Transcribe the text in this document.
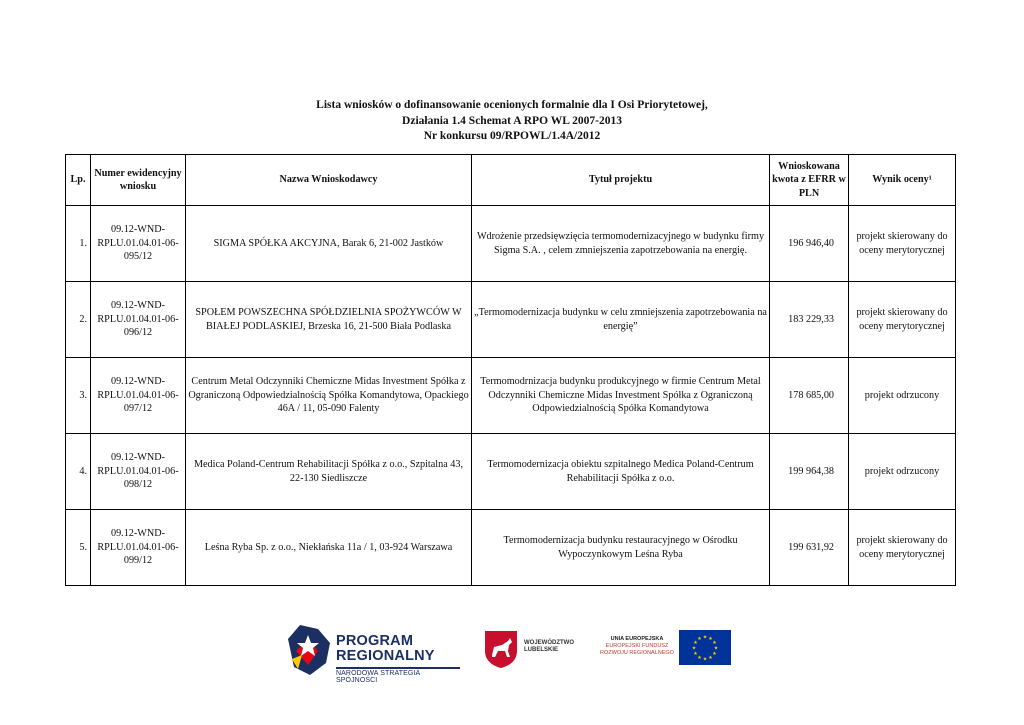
Lista wniosków o dofinansowanie ocenionych formalnie dla I Osi Priorytetowej,
Działania 1.4 Schemat A RPO WL 2007-2013
Nr konkursu 09/RPOWL/1.4A/2012
Lp.	Numer ewidencyjny wniosku	Nazwa Wnioskodawcy	Tytuł projektu	Wnioskowana kwota z EFRR w PLN	Wynik oceny¹
1.	09.12-WND-RPLU.01.04.01-06-095/12	SIGMA SPÓŁKA AKCYJNA, Barak 6, 21-002 Jastków	Wdrożenie przedsięwzięcia termomodernizacyjnego w budynku firmy Sigma S.A. , celem zmniejszenia zapotrzebowania na energię.	196 946,40	projekt skierowany do oceny merytorycznej
2.	09.12-WND-RPLU.01.04.01-06-096/12	SPOŁEM POWSZECHNA SPÓŁDZIELNIA SPOŻYWCÓW W BIAŁEJ PODLASKIEJ, Brzeska 16, 21-500 Biała Podlaska	„Termomodernizacja budynku w celu zmniejszenia zapotrzebowania na energię”	183 229,33	projekt skierowany do oceny merytorycznej
3.	09.12-WND-RPLU.01.04.01-06-097/12	Centrum Metal Odczynniki Chemiczne Midas Investment Spółka z Ograniczoną Odpowiedzialnością Spółka Komandytowa, Opackiego 46A / 11, 05-090 Falenty	Termomodrnizacja budynku produkcyjnego w firmie Centrum Metal Odczynniki Chemiczne Midas Investment Spółka z Ograniczoną Odpowiedzialnością Spółka Komandytowa	178 685,00	projekt odrzucony
4.	09.12-WND-RPLU.01.04.01-06-098/12	Medica Poland-Centrum Rehabilitacji Spółka z o.o., Szpitalna 43, 22-130 Siedliszcze	Termomodernizacja obiektu szpitalnego Medica Poland-Centrum Rehabilitacji Spółka z o.o.	199 964,38	projekt odrzucony
5.	09.12-WND-RPLU.01.04.01-06-099/12	Leśna Ryba Sp. z o.o., Niekłańska 11a / 1, 03-924 Warszawa	Termomodernizacja budynku restauracyjnego w Ośrodku Wypoczynkowym Leśna Ryba	199 631,92	projekt skierowany do oceny merytorycznej
PROGRAM
REGIONALNY
NARODOWA STRATEGIA SPÓJNOŚCI
WOJEWÓDZTWO
LUBELSKIE
UNIA EUROPEJSKA
EUROPEJSKI FUNDUSZ
ROZWOJU REGIONALNEGO
★ ★
★
★
★
★
★
★
★
★
★
★
